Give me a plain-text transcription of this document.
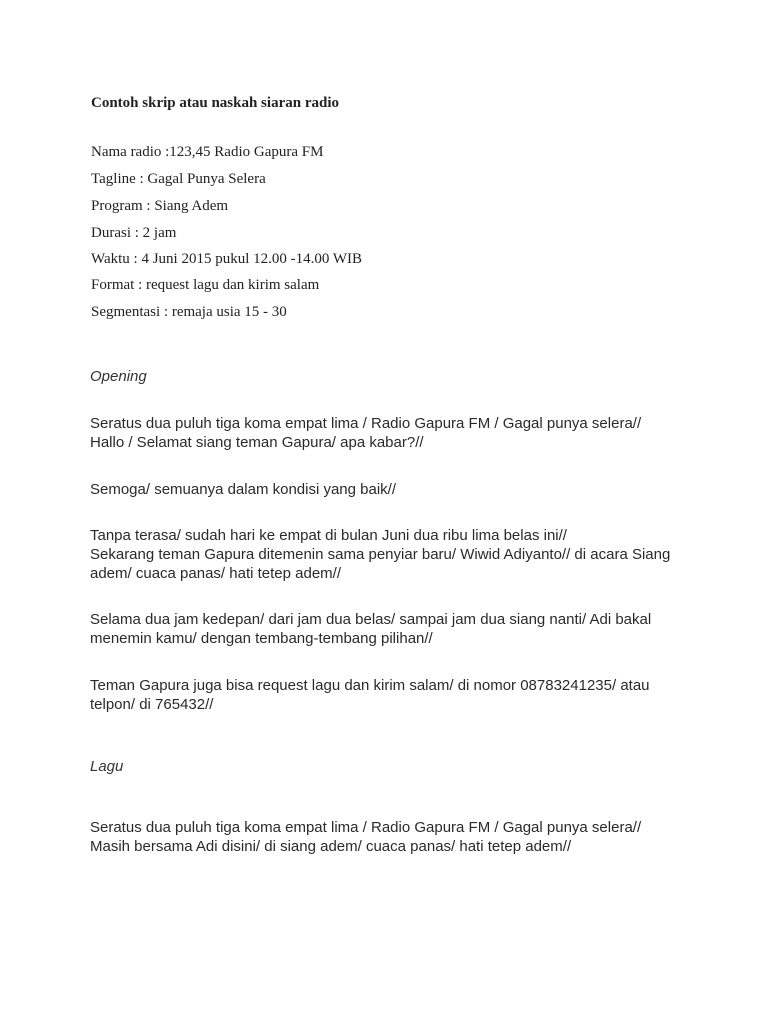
Contoh skrip atau naskah siaran radio
Nama radio :123,45 Radio Gapura FM
Tagline : Gagal Punya Selera
Program : Siang Adem
Durasi : 2 jam
Waktu : 4 Juni 2015 pukul 12.00 -14.00 WIB
Format : request lagu dan kirim salam
Segmentasi : remaja usia 15 - 30
Opening

Seratus dua puluh tiga koma empat lima / Radio Gapura FM / Gagal punya selera//

Hallo / Selamat siang teman Gapura/ apa kabar?//

Semoga/ semuanya dalam kondisi yang baik//

Tanpa terasa/ sudah hari ke empat di bulan Juni dua ribu lima belas ini//

Sekarang teman Gapura ditemenin sama penyiar baru/ Wiwid Adiyanto// di acara Siang

adem/ cuaca panas/ hati tetep adem//

Selama dua jam kedepan/ dari jam dua belas/ sampai jam dua siang nanti/ Adi bakal

menemin kamu/ dengan tembang-tembang pilihan//

Teman Gapura juga bisa request lagu dan kirim salam/ di nomor 08783241235/ atau

telpon/ di 765432//

Lagu

Seratus dua puluh tiga koma empat lima / Radio Gapura FM / Gagal punya selera//

Masih bersama Adi disini/ di siang adem/ cuaca panas/ hati tetep adem//
